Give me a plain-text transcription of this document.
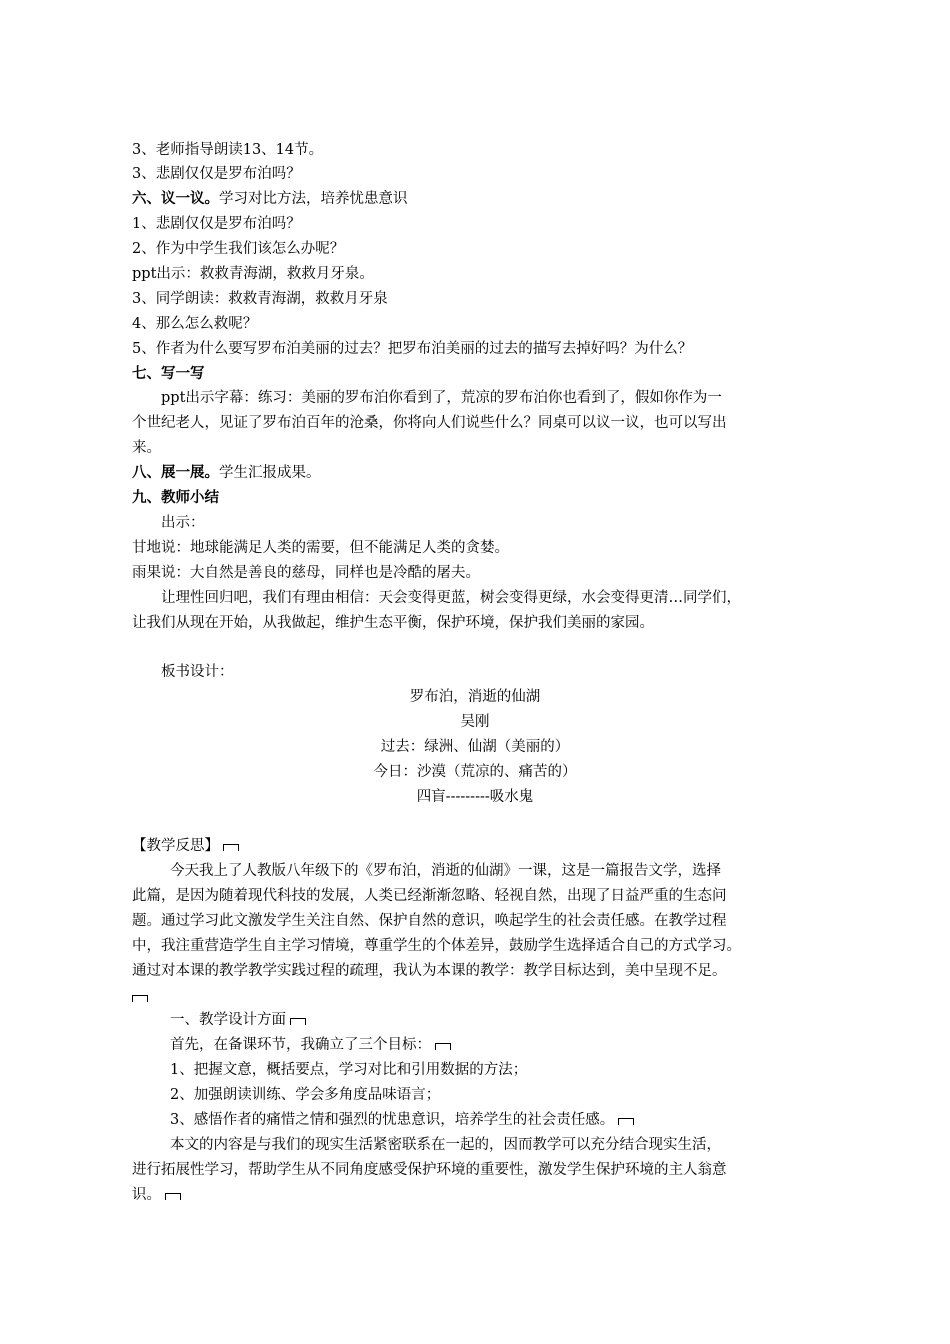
3、老师指导朗读13、14节。
3、悲剧仅仅是罗布泊吗？
六、议一议。学习对比方法，培养忧患意识
1、悲剧仅仅是罗布泊吗？
2、作为中学生我们该怎么办呢？
ppt出示：救救青海湖，救救月牙泉。
3、同学朗读：救救青海湖，救救月牙泉
4、那么怎么救呢？
5、作者为什么要写罗布泊美丽的过去？把罗布泊美丽的过去的描写去掉好吗？为什么？
七、写一写
ppt出示字幕：练习：美丽的罗布泊你看到了，荒凉的罗布泊你也看到了，假如你作为一
个世纪老人，见证了罗布泊百年的沧桑，你将向人们说些什么？同桌可以议一议，也可以写出
来。
八、展一展。学生汇报成果。
九、教师小结
出示：
甘地说：地球能满足人类的需要，但不能满足人类的贪婪。
雨果说：大自然是善良的慈母，同样也是冷酷的屠夫。
让理性回归吧，我们有理由相信：天会变得更蓝，树会变得更绿，水会变得更清…同学们，
让我们从现在开始，从我做起，维护生态平衡，保护环境，保护我们美丽的家园。
板书设计：
罗布泊，消逝的仙湖
吴刚
过去：绿洲、仙湖（美丽的）
今日：沙漠（荒凉的、痛苦的）
四盲---------吸水鬼
【教学反思】
今天我上了人教版八年级下的《罗布泊，消逝的仙湖》一课，这是一篇报告文学，选择
此篇，是因为随着现代科技的发展，人类已经渐渐忽略、轻视自然，出现了日益严重的生态问
题。通过学习此文激发学生关注自然、保护自然的意识，唤起学生的社会责任感。在教学过程
中，我注重营造学生自主学习情境，尊重学生的个体差异，鼓励学生选择适合自己的方式学习。
通过对本课的教学教学实践过程的疏理，我认为本课的教学：教学目标达到，美中呈现不足。
一、教学设计方面
首先，在备课环节，我确立了三个目标：
1、把握文意，概括要点，学习对比和引用数据的方法；
2、加强朗读训练、学会多角度品味语言；
3、感悟作者的痛惜之情和强烈的忧患意识，培养学生的社会责任感。
本文的内容是与我们的现实生活紧密联系在一起的，因而教学可以充分结合现实生活，
进行拓展性学习，帮助学生从不同角度感受保护环境的重要性，激发学生保护环境的主人翁意
识。
